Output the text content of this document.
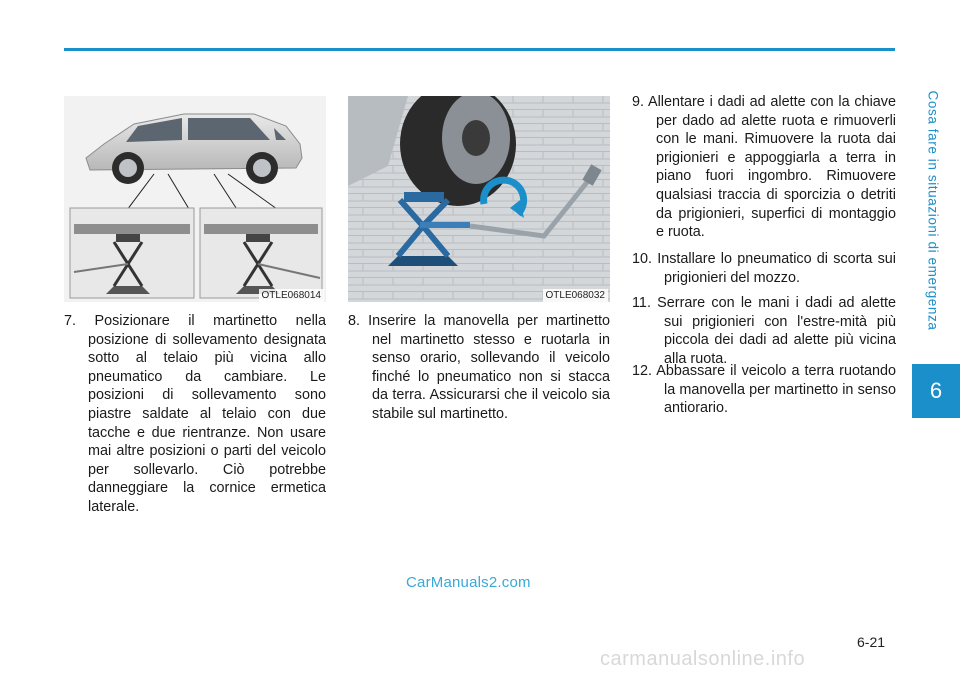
Cosa fare in situazioni di emergenza
6
OTLE068014	OTLE068032

7. Posizionare il martinetto nella posizione di sollevamento designata sotto al telaio più vicina allo pneumatico da cambiare. Le posizioni di sollevamento sono piastre saldate al telaio con due tacche e due rientranze. Non usare mai altre posizioni o parti del veicolo per sollevarlo. Ciò potrebbe danneggiare la cornice ermetica laterale.

8. Inserire la manovella per martinetto nel martinetto stesso e ruotarla in senso orario, sollevando il veicolo finché lo pneumatico non si stacca da terra. Assicurarsi che il veicolo sia stabile sul martinetto.

9. Allentare i dadi ad alette con la chiave per dado ad alette ruota e rimuoverli con le mani. Rimuovere la ruota dai prigionieri e appoggiarla a terra in piano fuori ingombro. Rimuovere qualsiasi traccia di sporcizia o detriti da prigionieri, superfici di montaggio e ruota.

10. Installare lo pneumatico di scorta sui prigionieri del mozzo.

11. Serrare con le mani i dadi ad alette sui prigionieri con l'estre-mità più piccola dei dadi ad alette più vicina alla ruota.

12. Abbassare il veicolo a terra ruotando la manovella per martinetto in senso antiorario.

CarManuals2.com
6-21
carmanualsonline.info
